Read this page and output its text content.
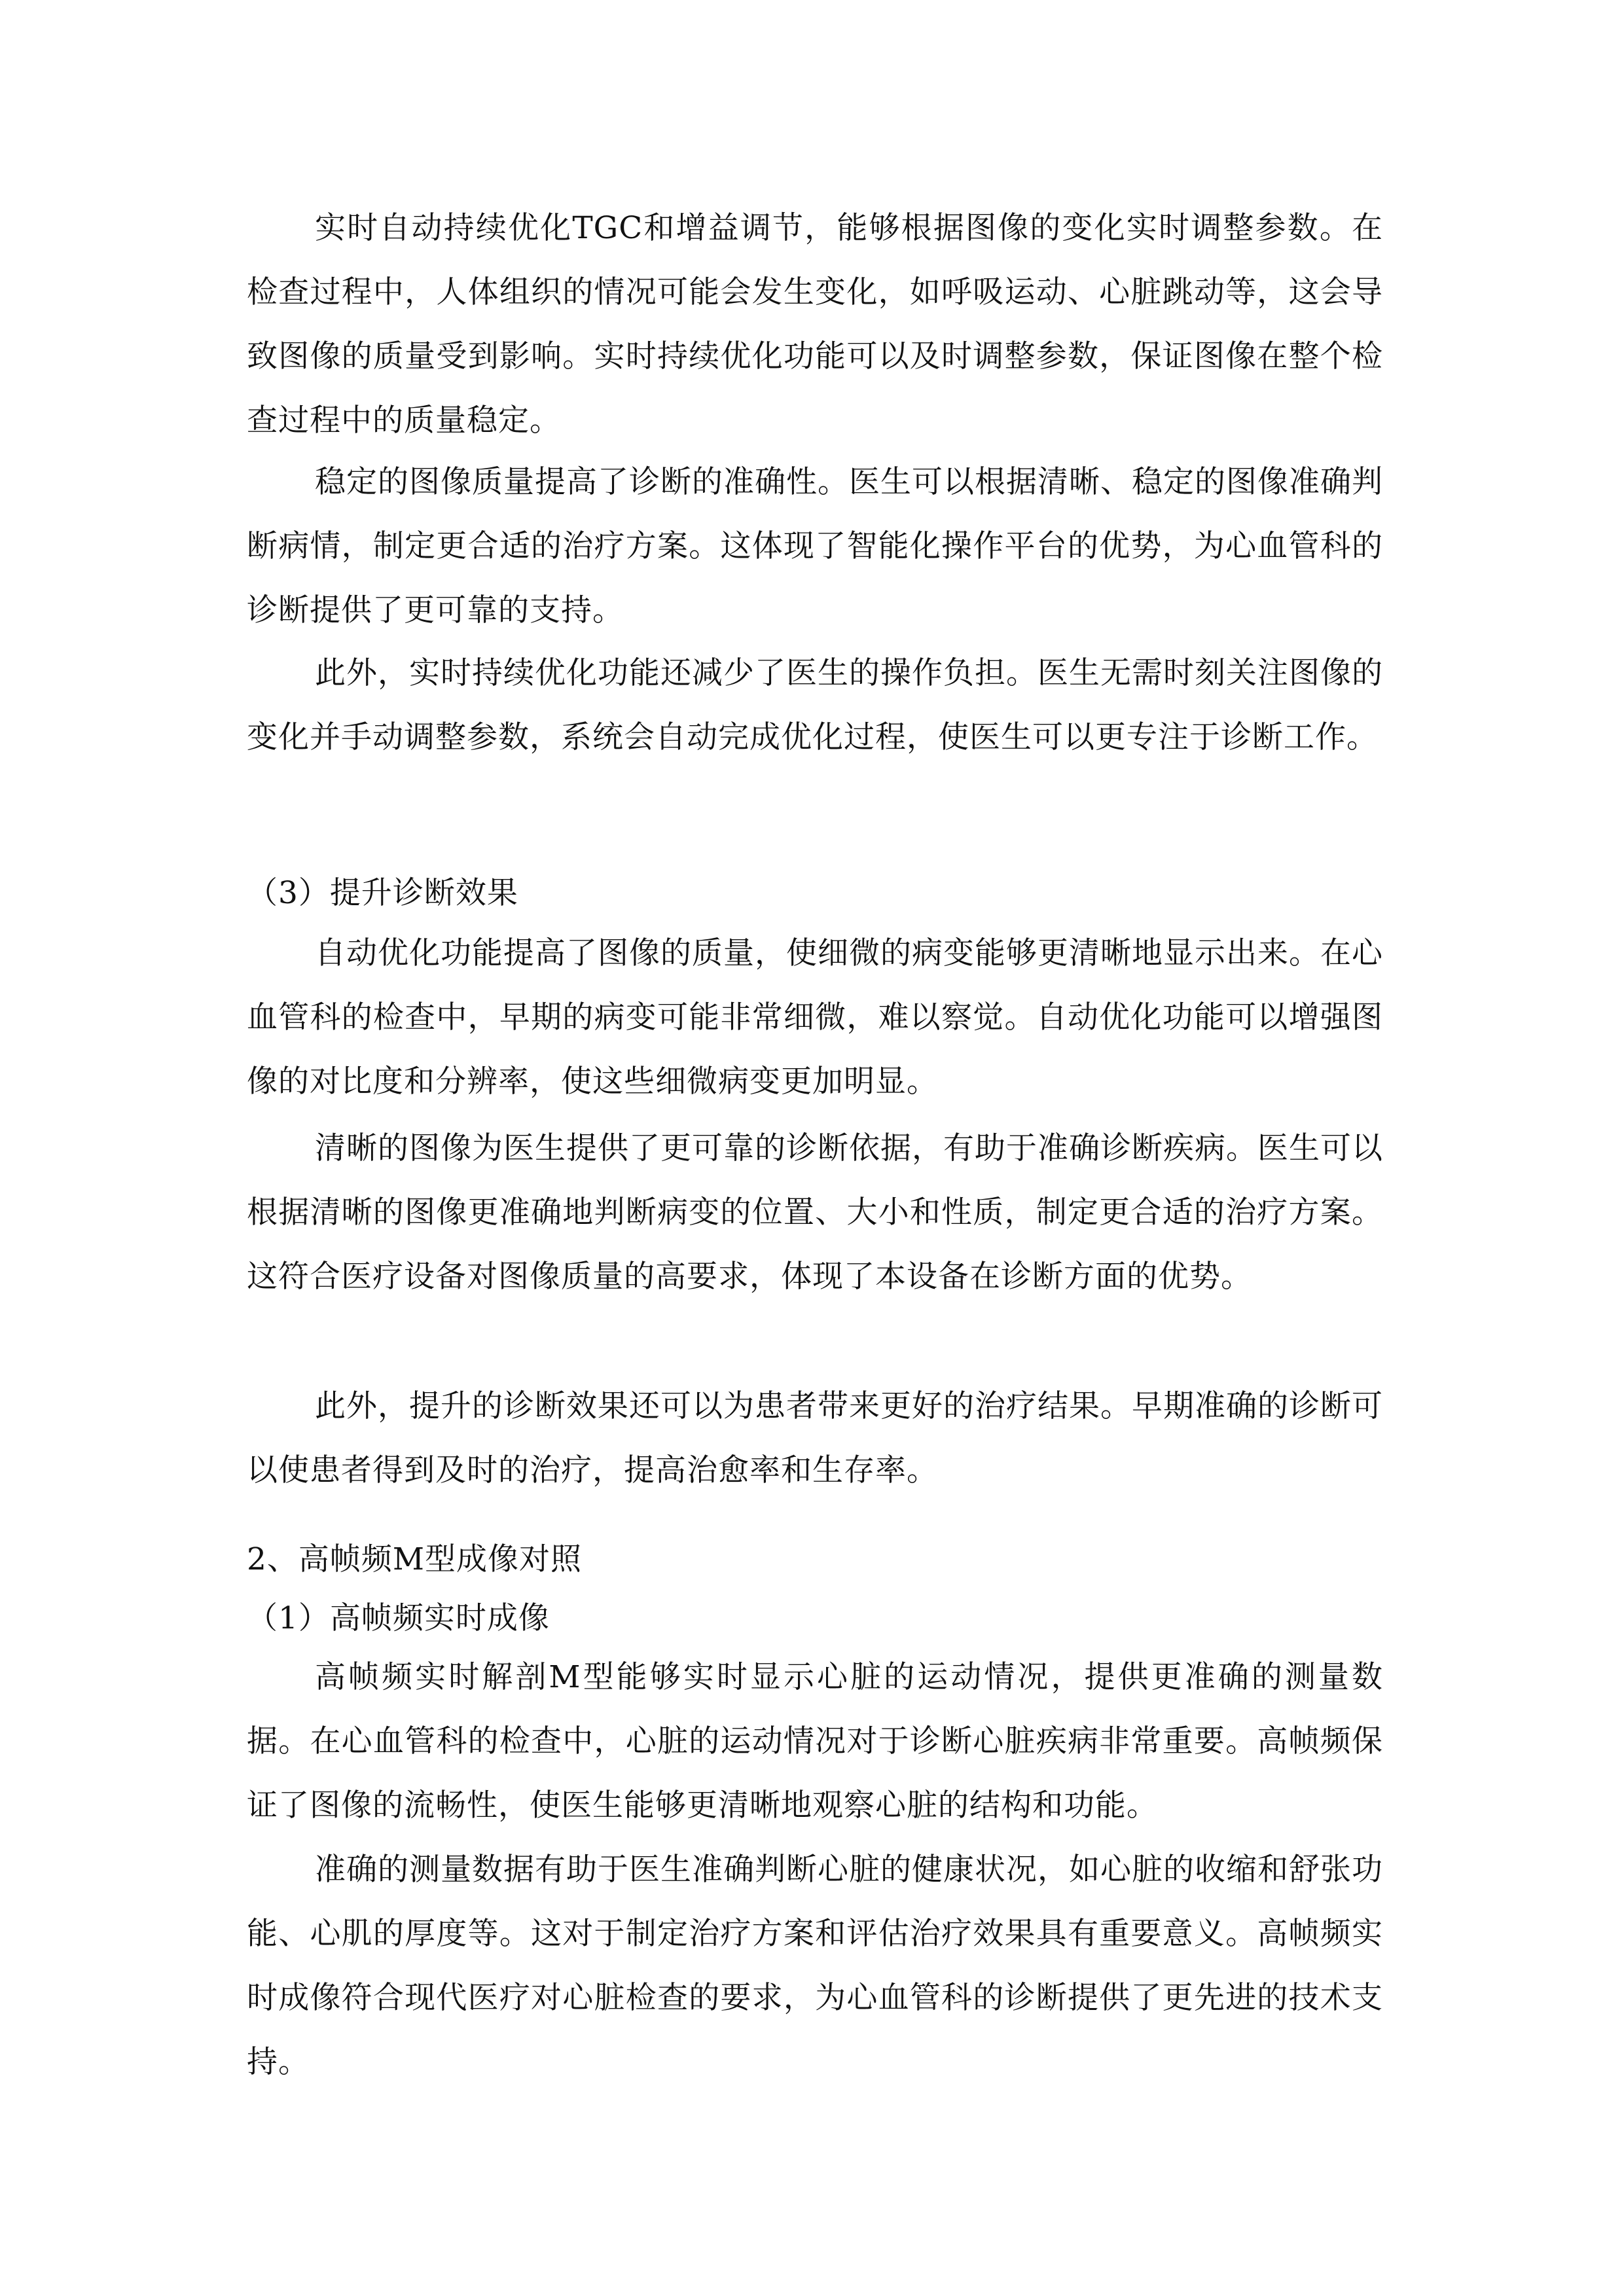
实时自动持续优化TGC和增益调节，能够根据图像的变化实时调整参数。在检查过程中，人体组织的情况可能会发生变化，如呼吸运动、心脏跳动等，这会导致图像的质量受到影响。实时持续优化功能可以及时调整参数，保证图像在整个检查过程中的质量稳定。

稳定的图像质量提高了诊断的准确性。医生可以根据清晰、稳定的图像准确判断病情，制定更合适的治疗方案。这体现了智能化操作平台的优势，为心血管科的诊断提供了更可靠的支持。

此外，实时持续优化功能还减少了医生的操作负担。医生无需时刻关注图像的变化并手动调整参数，系统会自动完成优化过程，使医生可以更专注于诊断工作。

（3）提升诊断效果

自动优化功能提高了图像的质量，使细微的病变能够更清晰地显示出来。在心血管科的检查中，早期的病变可能非常细微，难以察觉。自动优化功能可以增强图像的对比度和分辨率，使这些细微病变更加明显。

清晰的图像为医生提供了更可靠的诊断依据，有助于准确诊断疾病。医生可以根据清晰的图像更准确地判断病变的位置、大小和性质，制定更合适的治疗方案。这符合医疗设备对图像质量的高要求，体现了本设备在诊断方面的优势。

此外，提升的诊断效果还可以为患者带来更好的治疗结果。早期准确的诊断可以使患者得到及时的治疗，提高治愈率和生存率。

2、高帧频M型成像对照
（1）高帧频实时成像

高帧频实时解剖M型能够实时显示心脏的运动情况，提供更准确的测量数据。在心血管科的检查中，心脏的运动情况对于诊断心脏疾病非常重要。高帧频保证了图像的流畅性，使医生能够更清晰地观察心脏的结构和功能。

准确的测量数据有助于医生准确判断心脏的健康状况，如心脏的收缩和舒张功能、心肌的厚度等。这对于制定治疗方案和评估治疗效果具有重要意义。高帧频实时成像符合现代医疗对心脏检查的要求，为心血管科的诊断提供了更先进的技术支持。
